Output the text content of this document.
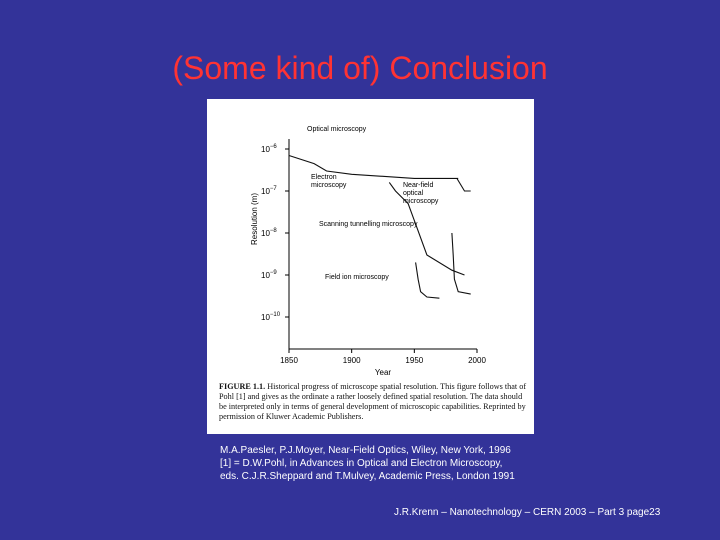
(Some kind of) Conclusion
Resolution (m)
Year
1850	1900	1950	2000
$10^{-6}$
$10^{-7}$
$10^{-8}$
$10^{-9}$
$10^{-10}$
Optical microscopy
Electron microscopy	Near-field optical microscopy
Scanning tunnelling microscopy
Field ion microscopy
FIGURE 1.1. Historical progress of microscope spatial resolution. This figure follows that of Pohl [1] and gives as the ordinate a rather loosely defined spatial resolution. The data should be interpreted only in terms of general development of microscopic capabilities. Reprinted by permission of Kluwer Academic Publishers.
M.A.Paesler, P.J.Moyer, Near-Field Optics, Wiley, New York, 1996
[1] = D.W.Pohl, in Advances in Optical and Electron Microscopy,
eds. C.J.R.Sheppard and T.Mulvey, Academic Press, London 1991
J.R.Krenn – Nanotechnology – CERN 2003 – Part 3 page23
